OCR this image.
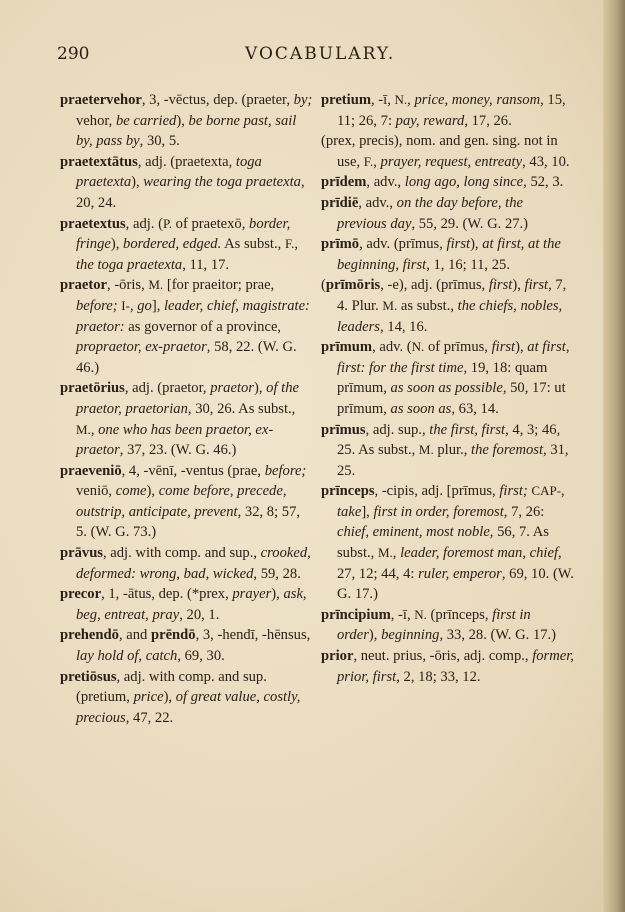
290	VOCABULARY.

praetervehor, 3, -vēctus, dep. (praeter, by; vehor, be carried), be borne past, sail by, pass by, 30, 5.

praetextātus, adj. (praetexta, toga praetexta), wearing the toga praetexta, 20, 24.

praetextus, adj. (P. of praetexō, border, fringe), bordered, edged. As subst., F., the toga praetexta, 11, 17.

praetor, -ōris, M. [for praeitor; prae, before; I-, go], leader, chief, magistrate: praetor: as governor of a province, propraetor, ex-praetor, 58, 22. (W. G. 46.)

praetōrius, adj. (praetor, praetor), of the praetor, praetorian, 30, 26. As subst., M., one who has been praetor, ex-praetor, 37, 23. (W. G. 46.)

praeveniō, 4, -vēnī, -ventus (prae, before; veniō, come), come before, precede, outstrip, anticipate, prevent, 32, 8; 57, 5. (W. G. 73.)

prāvus, adj. with comp. and sup., crooked, deformed: wrong, bad, wicked, 59, 28.

precor, 1, -ātus, dep. (*prex, prayer), ask, beg, entreat, pray, 20, 1.

prehendō, and prēndō, 3, -hendī, -hēnsus, lay hold of, catch, 69, 30.

pretiōsus, adj. with comp. and sup. (pretium, price), of great value, costly, precious, 47, 22.

pretium, -ī, N., price, money, ransom, 15, 11; 26, 7: pay, reward, 17, 26.

(prex, precis), nom. and gen. sing. not in use, F., prayer, request, entreaty, 43, 10.

prīdem, adv., long ago, long since, 52, 3.

prīdiē, adv., on the day before, the previous day, 55, 29. (W. G. 27.)

prīmō, adv. (prīmus, first), at first, at the beginning, first, 1, 16; 11, 25.

(prīmōris, -e), adj. (prīmus, first), first, 7, 4. Plur. M. as subst., the chiefs, nobles, leaders, 14, 16.

prīmum, adv. (N. of prīmus, first), at first, first: for the first time, 19, 18: quam prīmum, as soon as possible, 50, 17: ut prīmum, as soon as, 63, 14.

prīmus, adj. sup., the first, first, 4, 3; 46, 25. As subst., M. plur., the foremost, 31, 25.

prīnceps, -cipis, adj. [prīmus, first; CAP-, take], first in order, foremost, 7, 26: chief, eminent, most noble, 56, 7. As subst., M., leader, foremost man, chief, 27, 12; 44, 4: ruler, emperor, 69, 10. (W. G. 17.)

prīncipium, -ī, N. (prīnceps, first in order), beginning, 33, 28. (W. G. 17.)

prior, neut. prius, -ōris, adj. comp., former, prior, first, 2, 18; 33, 12.
